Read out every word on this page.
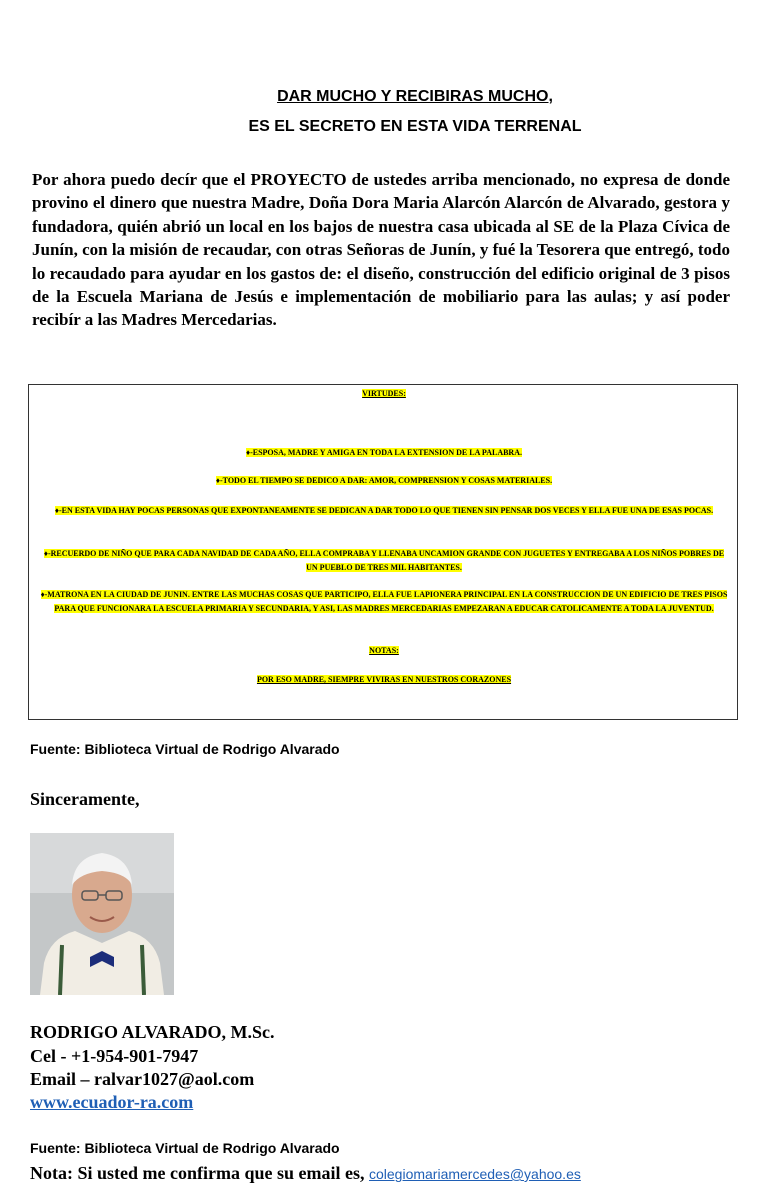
DAR MUCHO Y RECIBIRAS MUCHO,
ES EL SECRETO EN ESTA VIDA TERRENAL

Por ahora puedo decír que el PROYECTO de ustedes arriba mencionado, no expresa de donde provino el dinero que nuestra Madre, Doña Dora Maria Alarcón Alarcón de Alvarado, gestora y fundadora, quién abrió un local en los bajos de nuestra casa ubicada al SE de la Plaza Cívica de Junín, con la misión de recaudar, con otras Señoras de Junín, y fué la Tesorera que entregó, todo lo recaudado para ayudar en los gastos de: el diseño, construcción del edificio original de 3 pisos de la Escuela Mariana de Jesús e implementación de mobiliario para las aulas; y así poder recibír a las Madres Mercedarias.

VIRTUDES:

♦-ESPOSA, MADRE Y AMIGA EN TODA LA EXTENSION DE LA PALABRA.

♦-TODO EL TIEMPO SE DEDICO A DAR: AMOR, COMPRENSION Y COSAS MATERIALES.

♦-EN ESTA VIDA HAY POCAS PERSONAS QUE EXPONTANEAMENTE SE DEDICAN A DAR TODO LO QUE TIENEN SIN PENSAR DOS VECES Y ELLA FUE UNA DE ESAS POCAS.

♦-RECUERDO DE NIÑO QUE PARA CADA NAVIDAD DE CADA AÑO, ELLA COMPRABA Y LLENABA UNCAMION GRANDE CON JUGUETES Y ENTREGABA A LOS NIÑOS POBRES DE UN PUEBLO DE TRES MIL HABITANTES.

♦-MATRONA EN LA CIUDAD DE JUNIN. ENTRE LAS MUCHAS COSAS QUE PARTICIPO, ELLA FUE LAPIONERA PRINCIPAL EN LA CONSTRUCCION DE UN EDIFICIO DE TRES PISOS PARA QUE FUNCIONARA LA ESCUELA PRIMARIA Y SECUNDARIA, Y ASI, LAS MADRES MERCEDARIAS EMPEZARAN A EDUCAR CATOLICAMENTE A TODA LA JUVENTUD.

NOTAS:

POR ESO MADRE, SIEMPRE VIVIRAS EN NUESTROS CORAZONES

Fuente: Biblioteca Virtual de Rodrigo Alvarado
Sinceramente,
RODRIGO ALVARADO, M.Sc.
Cel - +1-954-901-7947
Email – ralvar1027@aol.com
www.ecuador-ra.com
Fuente: Biblioteca Virtual de Rodrigo Alvarado
Nota: Si usted me confirma que su email es, colegiomariamercedes@yahoo.es
